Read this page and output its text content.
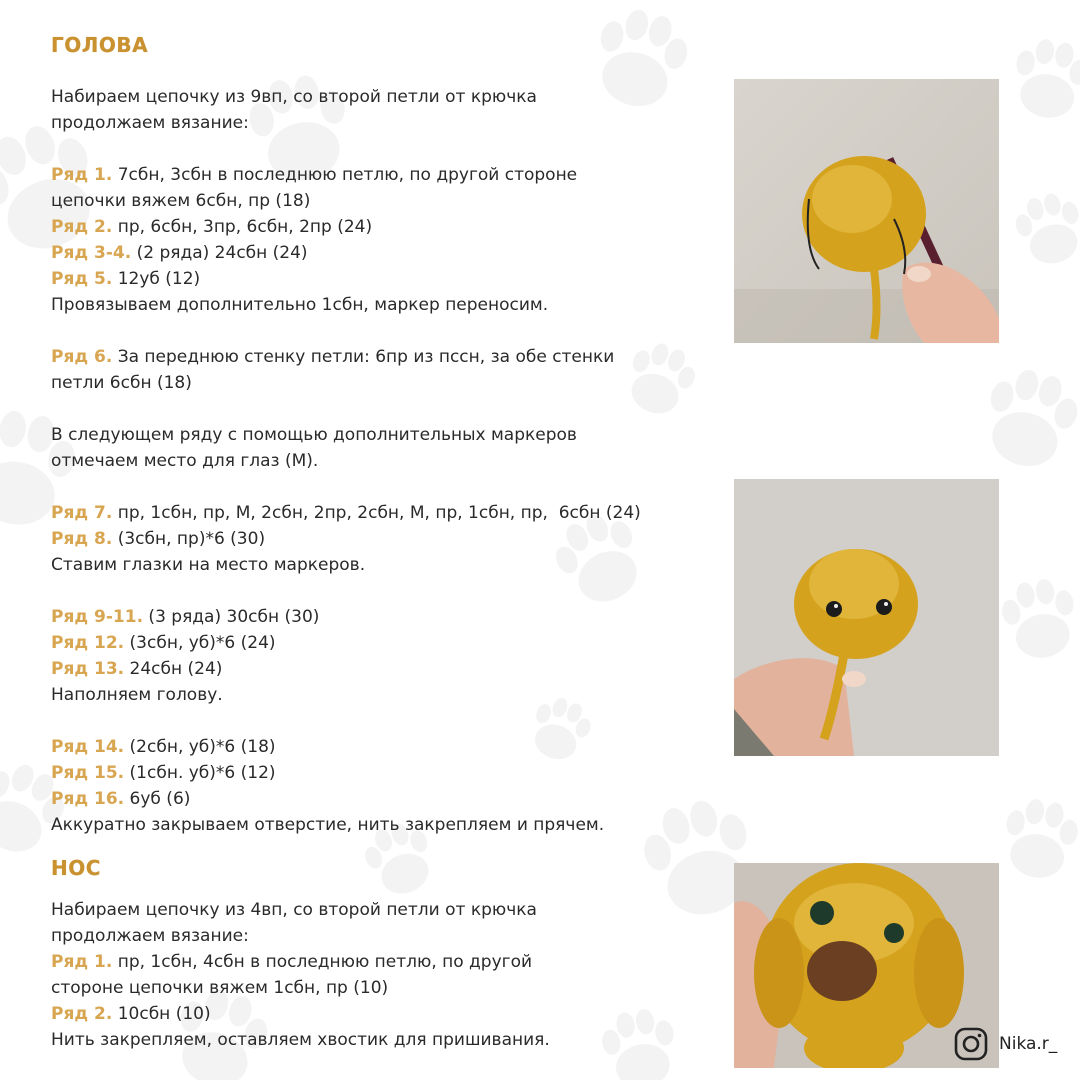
ГОЛОВА
Набираем цепочку из 9вп, со второй петли от крючка
продолжаем вязание:
Ряд 1. 7сбн, 3сбн в последнюю петлю, по другой стороне
цепочки вяжем 6сбн, пр (18)
Ряд 2. пр, 6сбн, 3пр, 6сбн, 2пр (24)
Ряд 3-4. (2 ряда) 24сбн (24)
Ряд 5. 12уб (12)
Провязываем дополнительно 1сбн, маркер переносим.
Ряд 6. За переднюю стенку петли: 6пр из пссн, за обе стенки
петли 6сбн (18)
В следующем ряду с помощью дополнительных маркеров
отмечаем место для глаз (М).
Ряд 7. пр, 1сбн, пр, М, 2сбн, 2пр, 2сбн, М, пр, 1сбн, пр,  6сбн (24)
Ряд 8. (3сбн, пр)*6 (30)
Ставим глазки на место маркеров.
Ряд 9-11. (3 ряда) 30сбн (30)
Ряд 12. (3сбн, уб)*6 (24)
Ряд 13. 24сбн (24)
Наполняем голову.
Ряд 14. (2сбн, уб)*6 (18)
Ряд 15. (1сбн. уб)*6 (12)
Ряд 16. 6уб (6)
Аккуратно закрываем отверстие, нить закрепляем и прячем.
НОС
Набираем цепочку из 4вп, со второй петли от крючка
продолжаем вязание:
Ряд 1. пр, 1сбн, 4сбн в последнюю петлю, по другой
стороне цепочки вяжем 1сбн, пр (10)
Ряд 2. 10сбн (10)
Нить закрепляем, оставляем хвостик для пришивания.	Nika.r_
